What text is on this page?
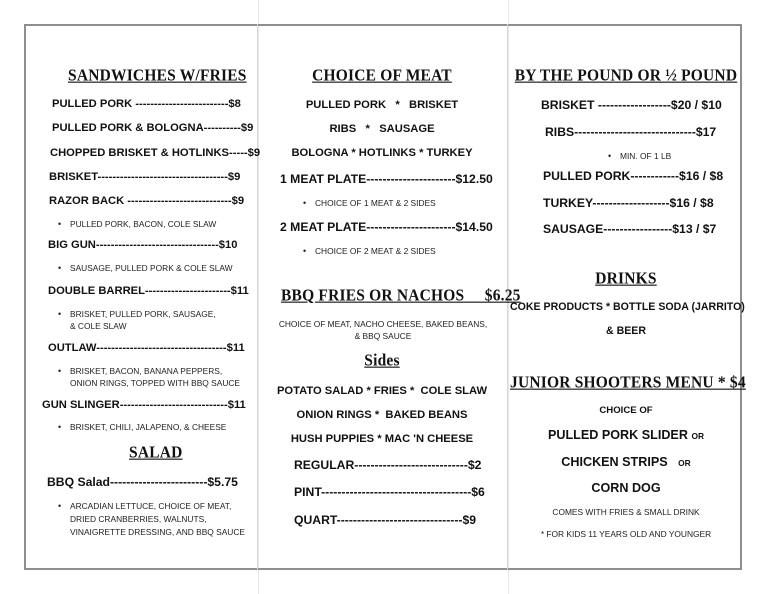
SANDWICHES W/FRIES
PULLED PORK -------------------------$8
PULLED PORK & BOLOGNA----------$9
CHOPPED BRISKET & HOTLINKS-----$9
BRISKET-----------------------------------$9
RAZOR BACK ----------------------------$9
• PULLED PORK, BACON, COLE SLAW
BIG GUN---------------------------------$10
• SAUSAGE, PULLED PORK & COLE SLAW
DOUBLE BARREL-----------------------$11
• BRISKET, PULLED PORK, SAUSAGE, & COLE SLAW
OUTLAW-----------------------------------$11
• BRISKET, BACON, BANANA PEPPERS, ONION RINGS, TOPPED WITH BBQ SAUCE
GUN SLINGER-----------------------------$11
• BRISKET, CHILI, JALAPENO, & CHEESE
SALAD
BBQ Salad------------------------$5.75
• ARCADIAN LETTUCE, CHOICE OF MEAT, DRIED CRANBERRIES, WALNUTS, VINAIGRETTE DRESSING, AND BBQ SAUCE
CHOICE OF MEAT
PULLED PORK   *   BRISKET
RIBS   *   SAUSAGE
BOLOGNA * HOTLINKS * TURKEY
1 MEAT PLATE----------------------$12.50
• CHOICE OF 1 MEAT & 2 SIDES
2 MEAT PLATE----------------------$14.50
• CHOICE OF 2 MEAT & 2 SIDES
BBQ FRIES OR NACHOS     $6.25
CHOICE OF MEAT, NACHO CHEESE, BAKED BEANS, & BBQ SAUCE
Sides
POTATO SALAD * FRIES *  COLE SLAW
ONION RINGS *  BAKED BEANS
HUSH PUPPIES * MAC 'N CHEESE
REGULAR----------------------------$2
PINT-------------------------------------$6
QUART-------------------------------$9
BY THE POUND OR ½ POUND
BRISKET ------------------$20 / $10
RIBS------------------------------$17
• MIN. OF 1 LB
PULLED PORK------------$16 / $8
TURKEY-------------------$16 / $8
SAUSAGE-----------------$13 / $7
DRINKS
COKE PRODUCTS * BOTTLE SODA (JARRITO)
& BEER
JUNIOR SHOOTERS MENU * $4
CHOICE OF
PULLED PORK SLIDER OR
CHICKEN STRIPS OR
CORN DOG
COMES WITH FRIES & SMALL DRINK
* FOR KIDS 11 YEARS OLD AND YOUNGER
